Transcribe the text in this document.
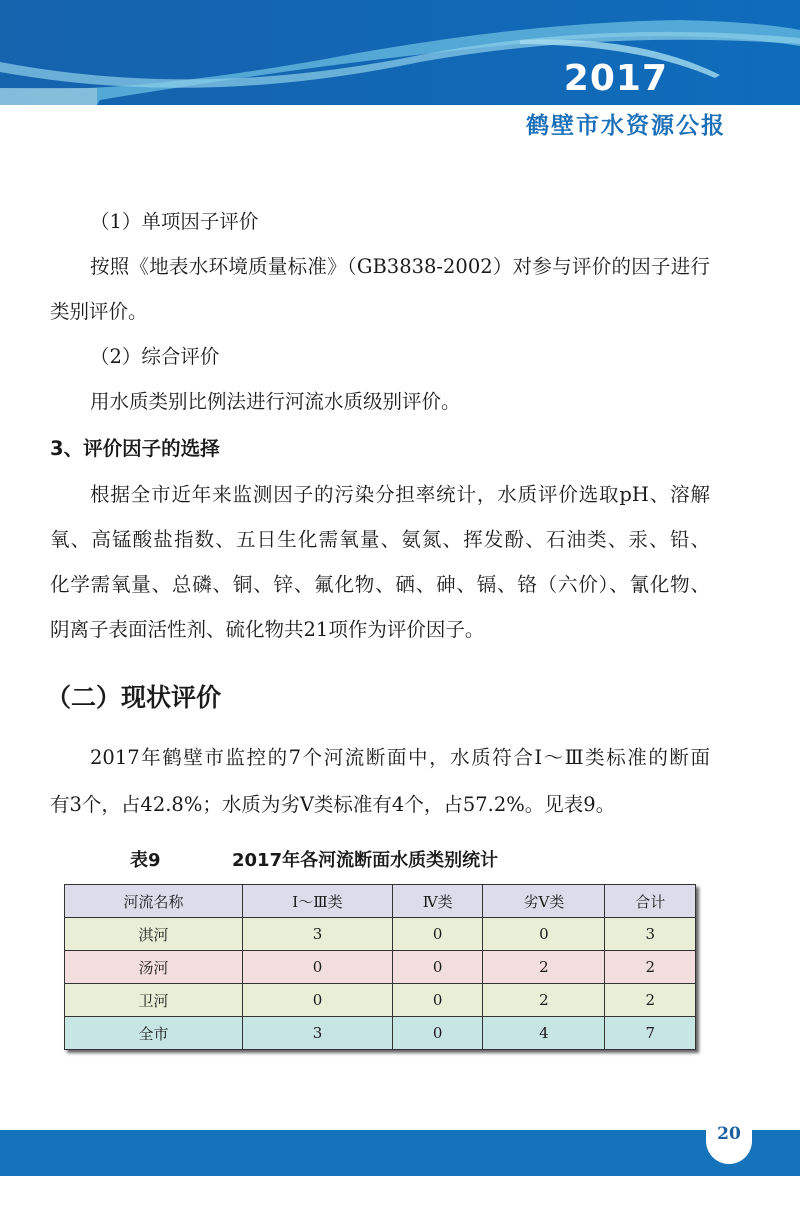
2017
鹤壁市水资源公报
（1）单项因子评价
按照《地表水环境质量标准》（GB3838-2002）对参与评价的因子进行
类别评价。
（2）综合评价
用水质类别比例法进行河流水质级别评价。
3、评价因子的选择
根据全市近年来监测因子的污染分担率统计，水质评价选取pH、溶解
氧、高锰酸盐指数、五日生化需氧量、氨氮、挥发酚、石油类、汞、铅、
化学需氧量、总磷、铜、锌、氟化物、硒、砷、镉、铬（六价）、氰化物、
阴离子表面活性剂、硫化物共21项作为评价因子。
（二）现状评价
2017年鹤壁市监控的7个河流断面中，水质符合Ⅰ～Ⅲ类标准的断面
有3个，占42.8%；水质为劣Ⅴ类标准有4个，占57.2%。见表9。
表9	2017年各河流断面水质类别统计
河流名称	Ⅰ～Ⅲ类	Ⅳ类	劣Ⅴ类	合计
淇河	3	0	0	3
汤河	0	0	2	2
卫河	0	0	2	2
全市	3	0	4	7
20
